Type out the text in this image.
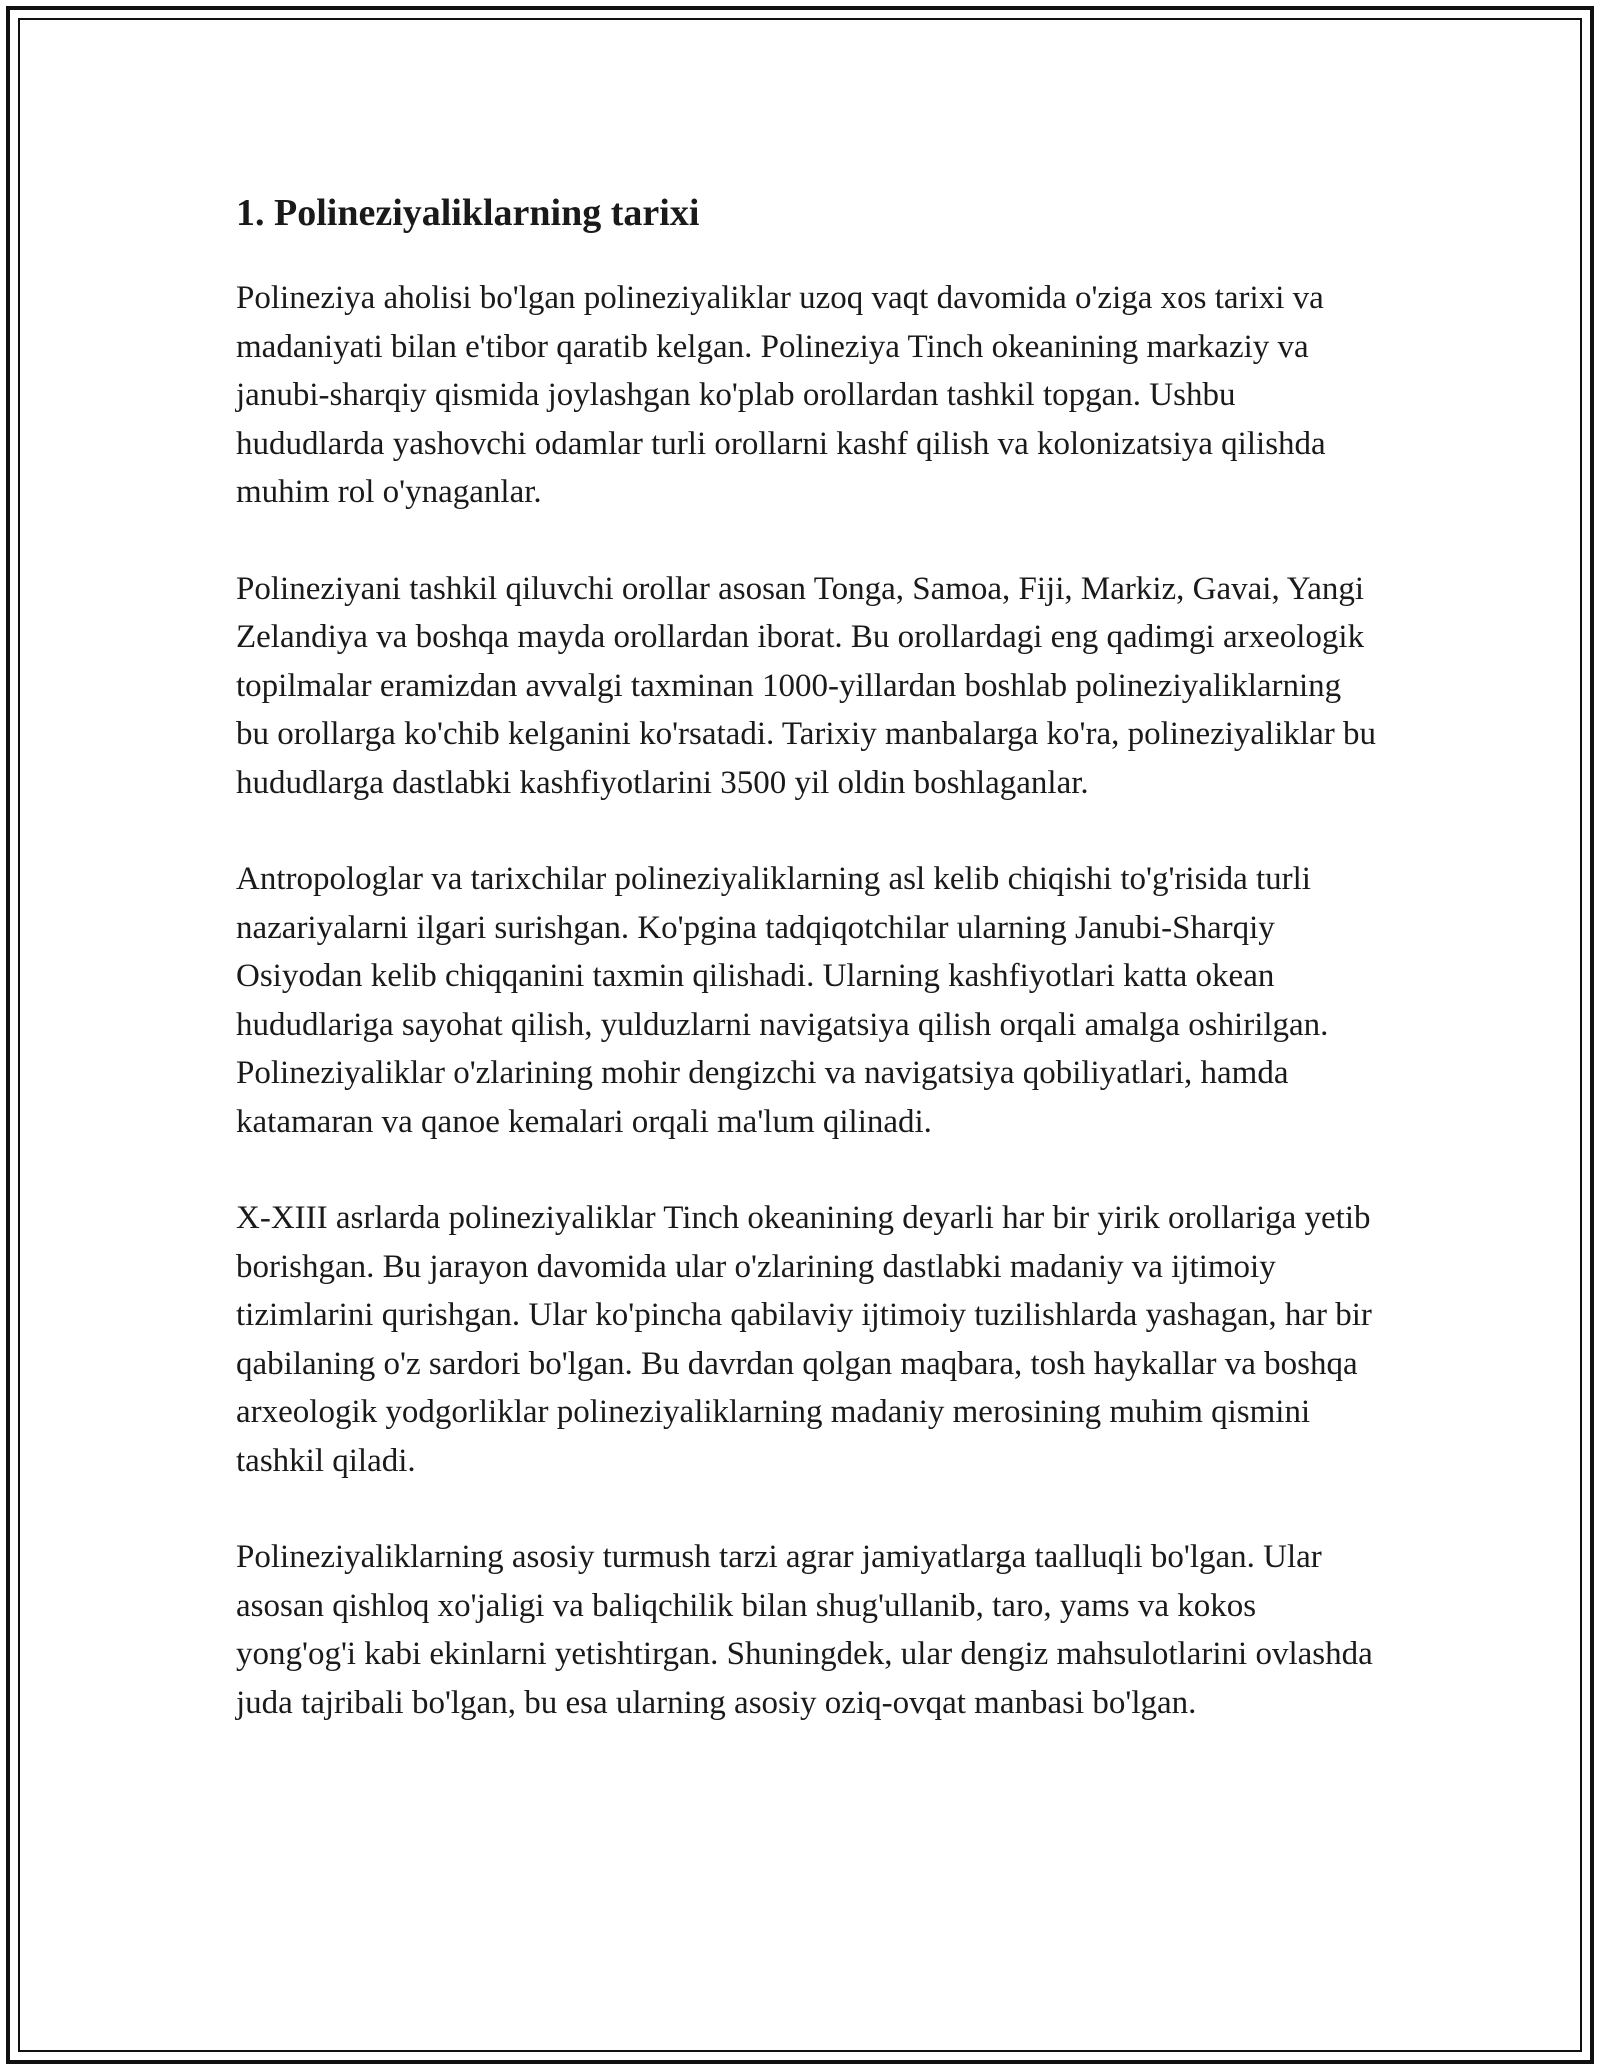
1. Polineziyaliklarning tarixi

Polineziya aholisi bo'lgan polineziyaliklar uzoq vaqt davomida o'ziga xos tarixi va madaniyati bilan e'tibor qaratib kelgan. Polineziya Tinch okeanining markaziy va janubi-sharqiy qismida joylashgan ko'plab orollardan tashkil topgan. Ushbu hududlarda yashovchi odamlar turli orollarni kashf qilish va kolonizatsiya qilishda muhim rol o'ynaganlar.

Polineziyani tashkil qiluvchi orollar asosan Tonga, Samoa, Fiji, Markiz, Gavai, Yangi Zelandiya va boshqa mayda orollardan iborat. Bu orollardagi eng qadimgi arxeologik topilmalar eramizdan avvalgi taxminan 1000-yillardan boshlab polineziyaliklarning bu orollarga ko'chib kelganini ko'rsatadi. Tarixiy manbalarga ko'ra, polineziyaliklar bu hududlarga dastlabki kashfiyotlarini 3500 yil oldin boshlaganlar.

Antropologlar va tarixchilar polineziyaliklarning asl kelib chiqishi to'g'risida turli nazariyalarni ilgari surishgan. Ko'pgina tadqiqotchilar ularning Janubi-Sharqiy Osiyodan kelib chiqqanini taxmin qilishadi. Ularning kashfiyotlari katta okean hududlariga sayohat qilish, yulduzlarni navigatsiya qilish orqali amalga oshirilgan. Polineziyaliklar o'zlarining mohir dengizchi va navigatsiya qobiliyatlari, hamda katamaran va qanoe kemalari orqali ma'lum qilinadi.

X-XIII asrlarda polineziyaliklar Tinch okeanining deyarli har bir yirik orollariga yetib borishgan. Bu jarayon davomida ular o'zlarining dastlabki madaniy va ijtimoiy tizimlarini qurishgan. Ular ko'pincha qabilaviy ijtimoiy tuzilishlarda yashagan, har bir qabilaning o'z sardori bo'lgan. Bu davrdan qolgan maqbara, tosh haykallar va boshqa arxeologik yodgorliklar polineziyaliklarning madaniy merosining muhim qismini tashkil qiladi.

Polineziyaliklarning asosiy turmush tarzi agrar jamiyatlarga taalluqli bo'lgan. Ular asosan qishloq xo'jaligi va baliqchilik bilan shug'ullanib, taro, yams va kokos yong'og'i kabi ekinlarni yetishtirgan. Shuningdek, ular dengiz mahsulotlarini ovlashda juda tajribali bo'lgan, bu esa ularning asosiy oziq-ovqat manbasi bo'lgan.
